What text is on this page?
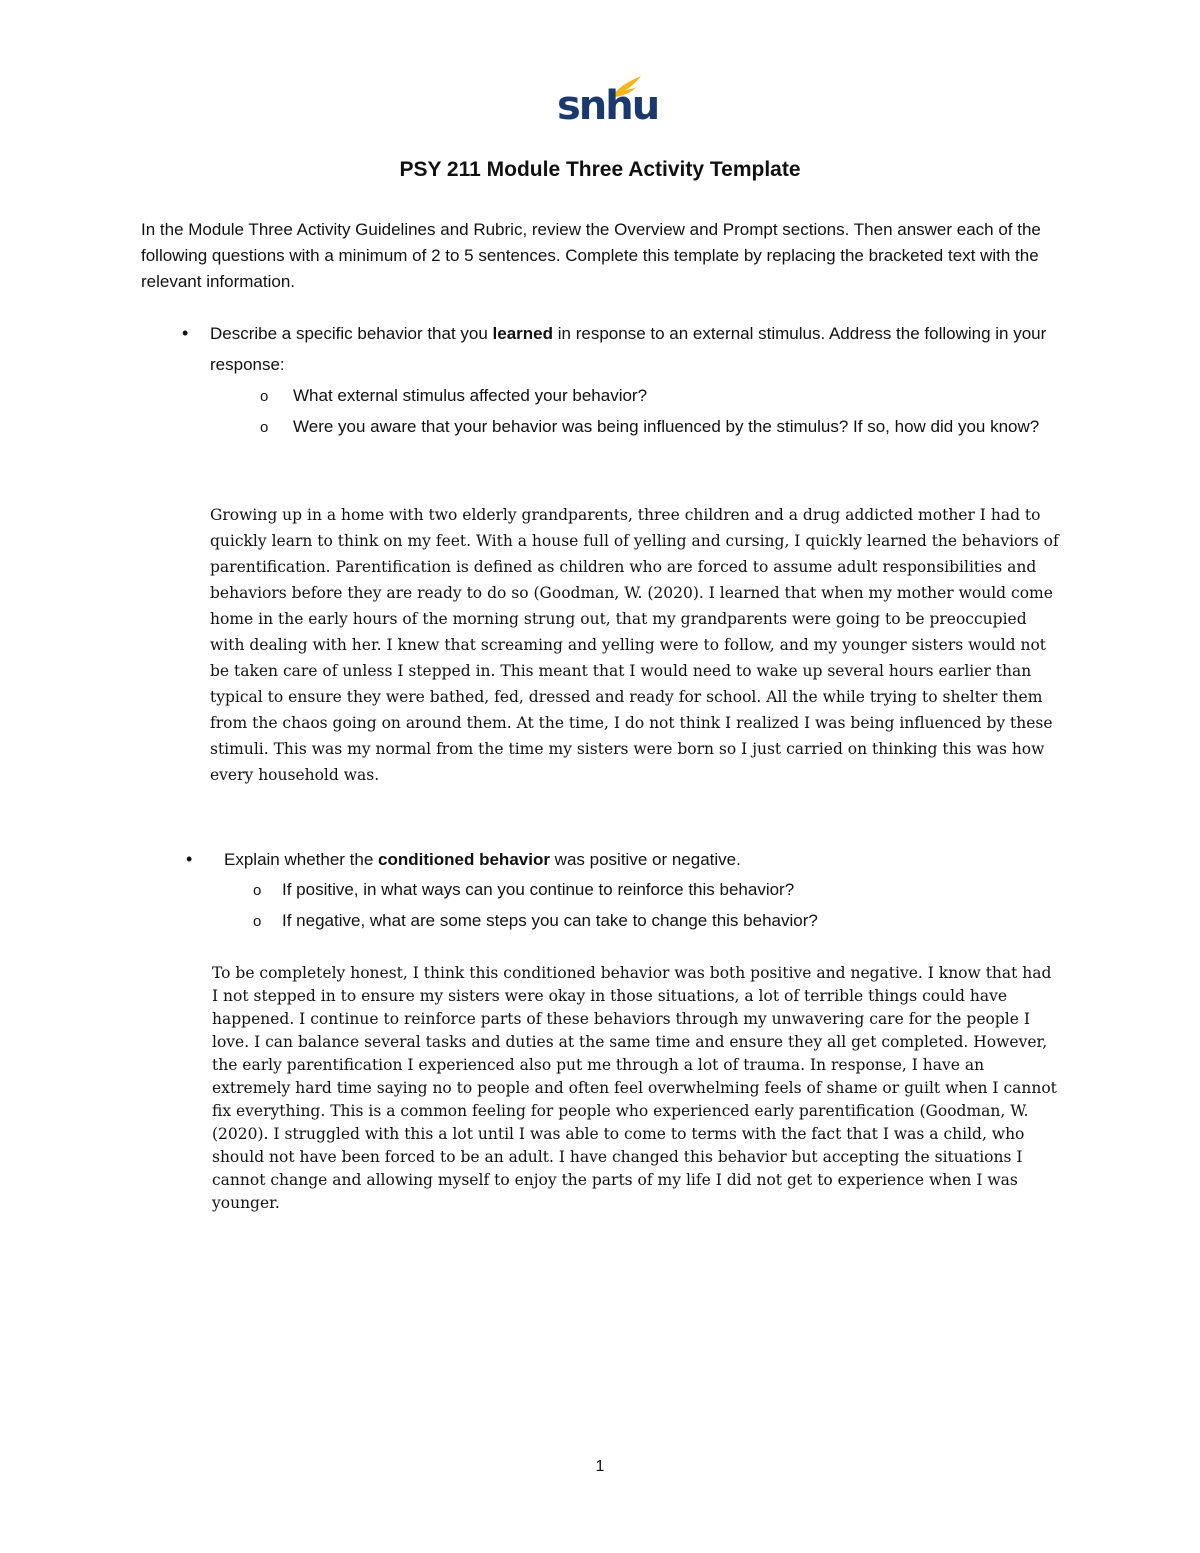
snhu
PSY 211 Module Three Activity Template
In the Module Three Activity Guidelines and Rubric, review the Overview and Prompt sections. Then answer each of the following questions with a minimum of 2 to 5 sentences. Complete this template by replacing the bracketed text with the relevant information.
• Describe a specific behavior that you learned in response to an external stimulus. Address the following in your response:
o What external stimulus affected your behavior?
o Were you aware that your behavior was being influenced by the stimulus? If so, how did you know?
Growing up in a home with two elderly grandparents, three children and a drug addicted mother I had to quickly learn to think on my feet. With a house full of yelling and cursing, I quickly learned the behaviors of parentification. Parentification is defined as children who are forced to assume adult responsibilities and behaviors before they are ready to do so (Goodman, W. (2020). I learned that when my mother would come home in the early hours of the morning strung out, that my grandparents were going to be preoccupied with dealing with her. I knew that screaming and yelling were to follow, and my younger sisters would not be taken care of unless I stepped in. This meant that I would need to wake up several hours earlier than typical to ensure they were bathed, fed, dressed and ready for school. All the while trying to shelter them from the chaos going on around them. At the time, I do not think I realized I was being influenced by these stimuli. This was my normal from the time my sisters were born so I just carried on thinking this was how every household was.
• Explain whether the conditioned behavior was positive or negative.
o If positive, in what ways can you continue to reinforce this behavior?
o If negative, what are some steps you can take to change this behavior?
To be completely honest, I think this conditioned behavior was both positive and negative. I know that had I not stepped in to ensure my sisters were okay in those situations, a lot of terrible things could have happened. I continue to reinforce parts of these behaviors through my unwavering care for the people I love. I can balance several tasks and duties at the same time and ensure they all get completed. However, the early parentification I experienced also put me through a lot of trauma. In response, I have an extremely hard time saying no to people and often feel overwhelming feels of shame or guilt when I cannot fix everything. This is a common feeling for people who experienced early parentification (Goodman, W. (2020). I struggled with this a lot until I was able to come to terms with the fact that I was a child, who should not have been forced to be an adult. I have changed this behavior but accepting the situations I cannot change and allowing myself to enjoy the parts of my life I did not get to experience when I was younger.
1
